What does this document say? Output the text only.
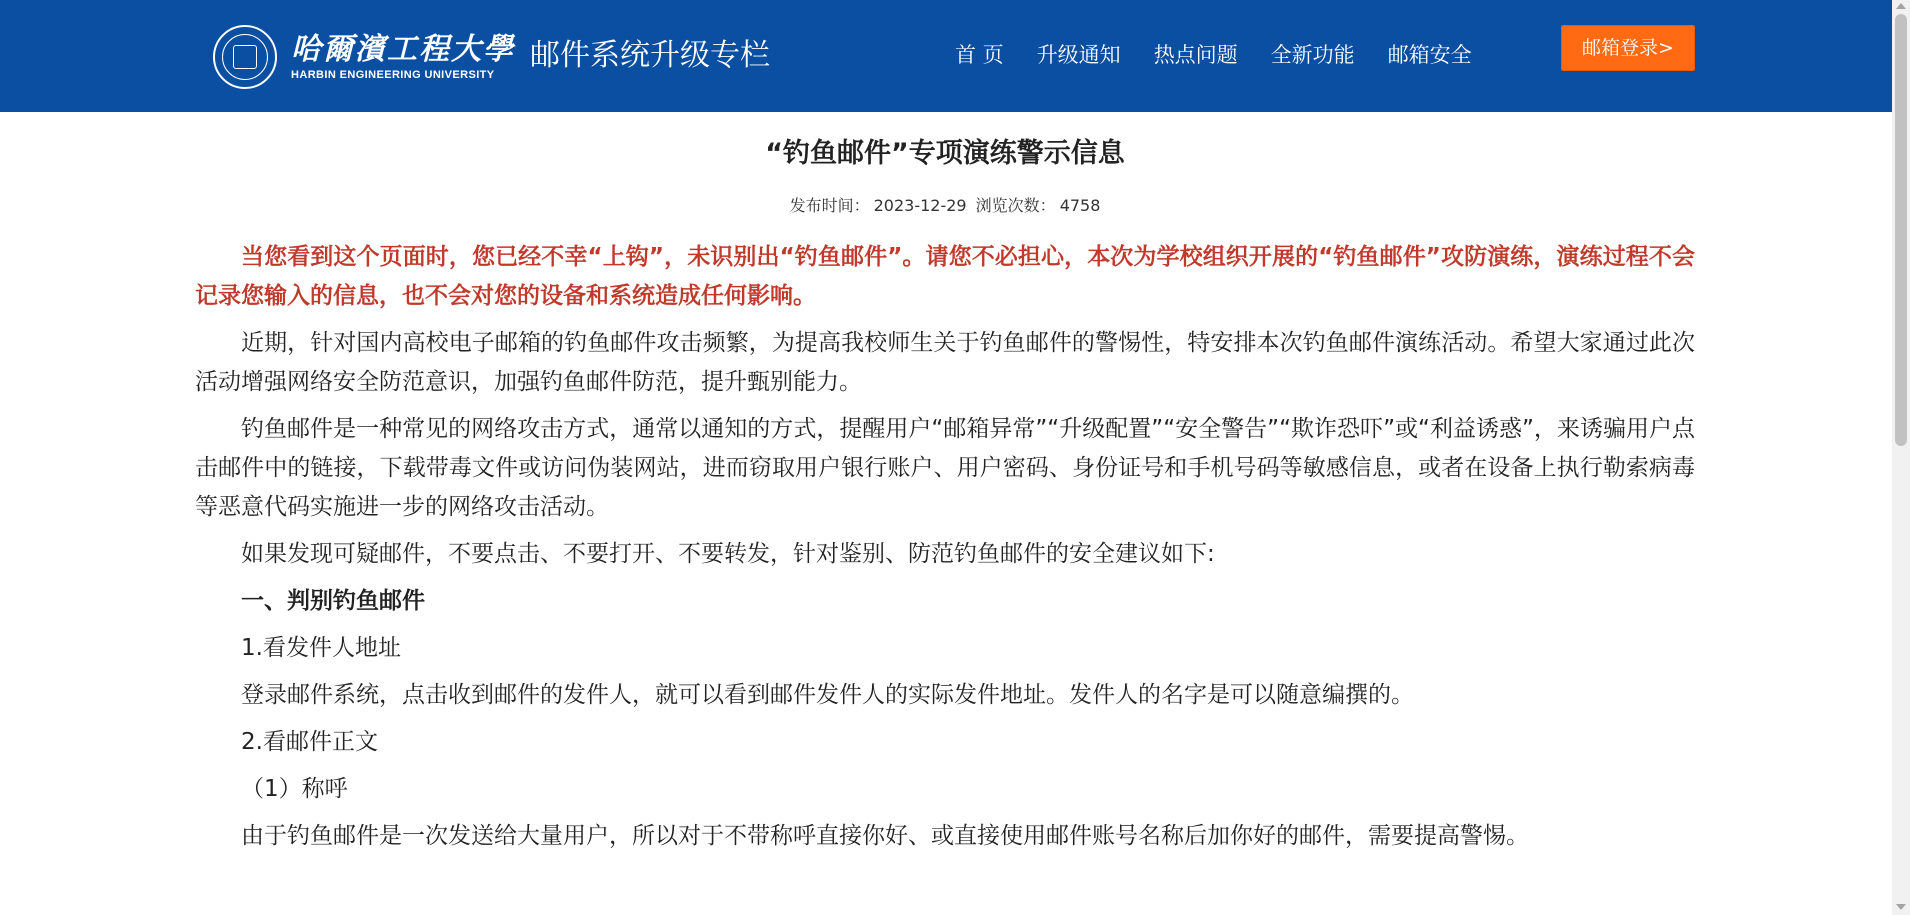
哈爾濱工程大學
HARBIN ENGINEERING UNIVERSITY
邮件系统升级专栏	首 页 升级通知 热点问题 全新功能 邮箱安全	邮箱登录>
“钓鱼邮件”专项演练警示信息
发布时间： 2023-12-29 浏览次数： 4758

当您看到这个页面时，您已经不幸“上钩”，未识别出“钓鱼邮件”。请您不必担心，本次为学校组织开展的“钓鱼邮件”攻防演练，演练过程不会记录您输入的信息，也不会对您的设备和系统造成任何影响。

近期，针对国内高校电子邮箱的钓鱼邮件攻击频繁，为提高我校师生关于钓鱼邮件的警惕性，特安排本次钓鱼邮件演练活动。希望大家通过此次活动增强网络安全防范意识，加强钓鱼邮件防范，提升甄别能力。

钓鱼邮件是一种常见的网络攻击方式，通常以通知的方式，提醒用户“邮箱异常”“升级配置”“安全警告”“欺诈恐吓”或“利益诱惑”，来诱骗用户点击邮件中的链接，下载带毒文件或访问伪装网站，进而窃取用户银行账户、用户密码、身份证号和手机号码等敏感信息，或者在设备上执行勒索病毒等恶意代码实施进一步的网络攻击活动。

如果发现可疑邮件，不要点击、不要打开、不要转发，针对鉴别、防范钓鱼邮件的安全建议如下:

一、判别钓鱼邮件

1.看发件人地址

登录邮件系统，点击收到邮件的发件人，就可以看到邮件发件人的实际发件地址。发件人的名字是可以随意编撰的。

2.看邮件正文

（1）称呼

由于钓鱼邮件是一次发送给大量用户，所以对于不带称呼直接你好、或直接使用邮件账号名称后加你好的邮件，需要提高警惕。
